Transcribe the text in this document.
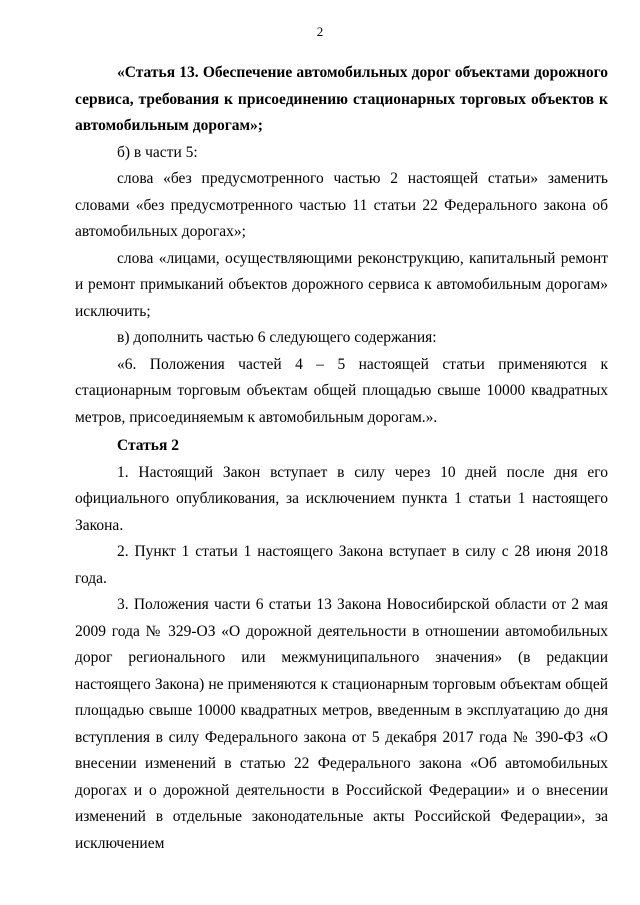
2

«Статья 13. Обеспечение автомобильных дорог объектами дорожного сервиса, требования к присоединению стационарных торговых объектов к автомобильным дорогам»;

б) в части 5:

слова «без предусмотренного частью 2 настоящей статьи» заменить словами «без предусмотренного частью 11 статьи 22 Федерального закона об автомобильных дорогах»;

слова «лицами, осуществляющими реконструкцию, капитальный ремонт и ремонт примыканий объектов дорожного сервиса к автомобильным дорогам» исключить;

в) дополнить частью 6 следующего содержания:

«6. Положения частей 4 – 5 настоящей статьи применяются к стационарным торговым объектам общей площадью свыше 10000 квадратных метров, присоединяемым к автомобильным дорогам.».

Статья 2

1. Настоящий Закон вступает в силу через 10 дней после дня его официального опубликования, за исключением пункта 1 статьи 1 настоящего Закона.

2. Пункт 1 статьи 1 настоящего Закона вступает в силу с 28 июня 2018 года.

3. Положения части 6 статьи 13 Закона Новосибирской области от 2 мая 2009 года № 329-ОЗ «О дорожной деятельности в отношении автомобильных дорог регионального или межмуниципального значения» (в редакции настоящего Закона) не применяются к стационарным торговым объектам общей площадью свыше 10000 квадратных метров, введенным в эксплуатацию до дня вступления в силу Федерального закона от 5 декабря 2017 года № 390-ФЗ «О внесении изменений в статью 22 Федерального закона «Об автомобильных дорогах и о дорожной деятельности в Российской Федерации» и о внесении изменений в отдельные законодательные акты Российской Федерации», за исключением
